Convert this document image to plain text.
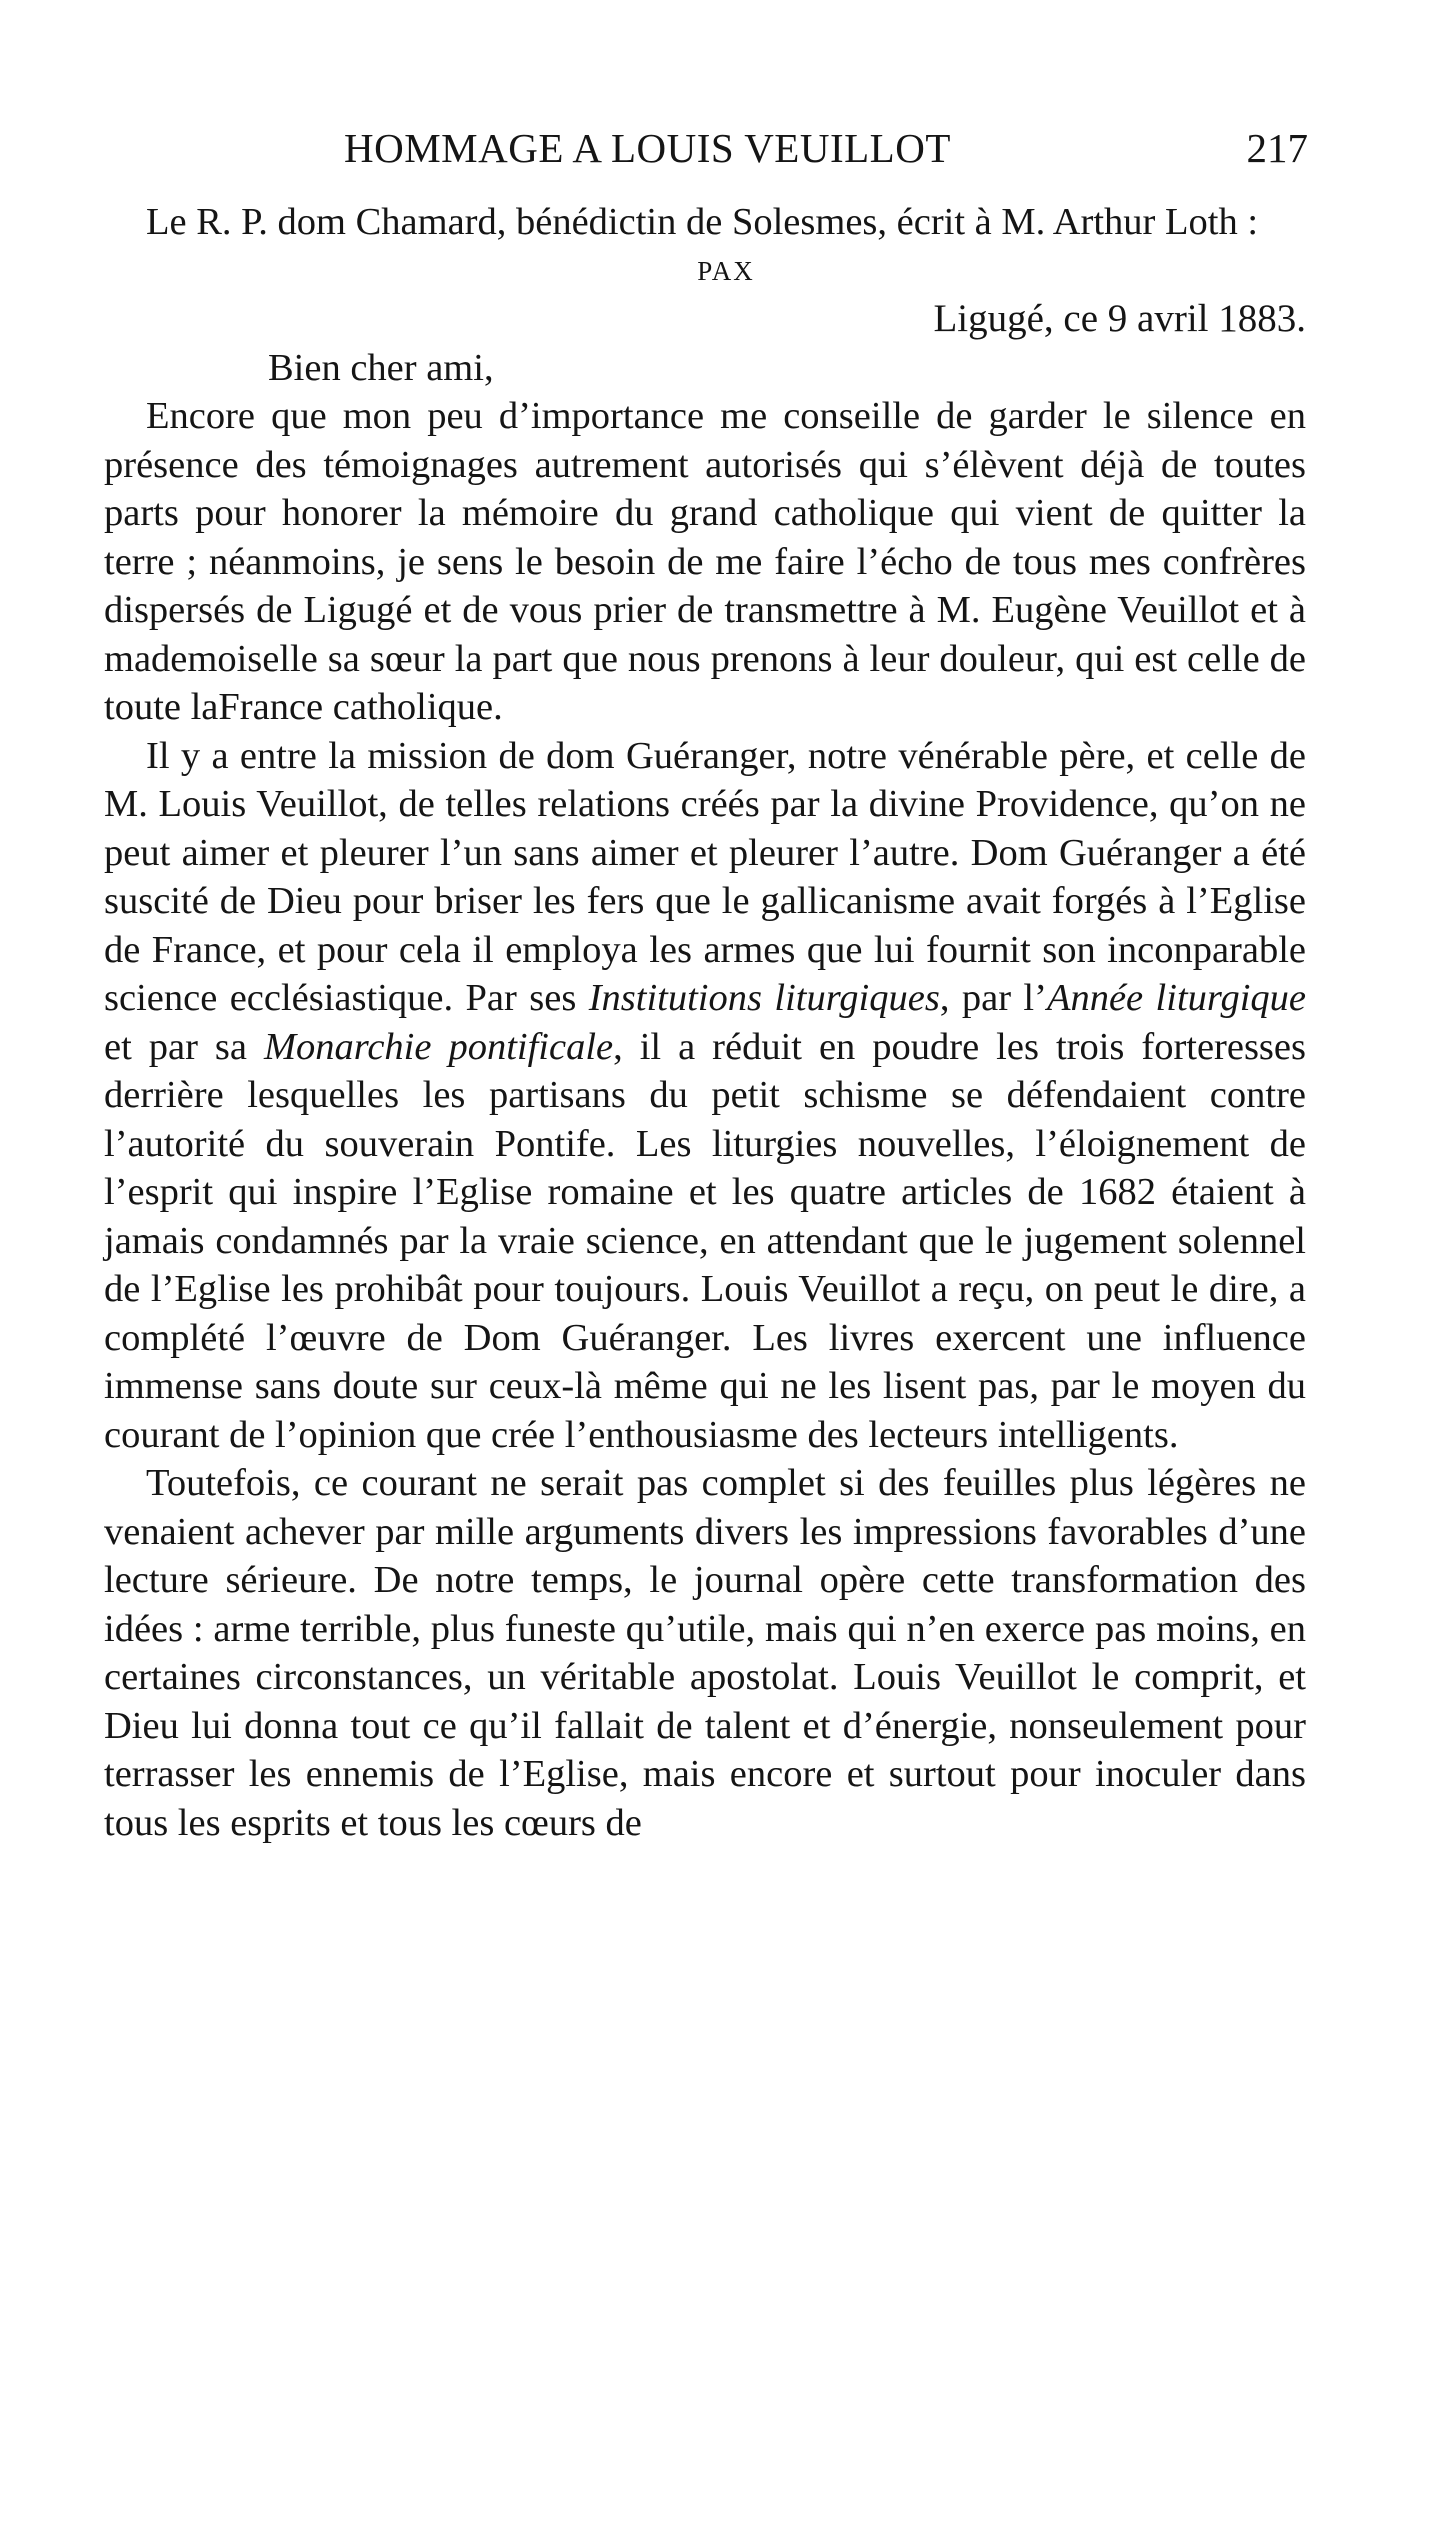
HOMMAGE A LOUIS VEUILLOT	217

Le R. P. dom Chamard, bénédictin de Solesmes, écrit à M. Arthur Loth :

PAX

Ligugé, ce 9 avril 1883.

Bien cher ami,

Encore que mon peu d’importance me conseille de garder le silence en présence des témoignages autrement autorisés qui s’élèvent déjà de toutes parts pour honorer la mémoire du grand catholique qui vient de quitter la terre ; néanmoins, je sens le besoin de me faire l’écho de tous mes confrères dispersés de Ligugé et de vous prier de transmettre à M. Eugène Veuillot et à mademoiselle sa sœur la part que nous prenons à leur douleur, qui est celle de toute laFrance catholique.

Il y a entre la mission de dom Guéranger, notre vénérable père, et celle de M. Louis Veuillot, de telles relations créés par la divine Providence, qu’on ne peut aimer et pleurer l’un sans aimer et pleurer l’autre. Dom Guéranger a été suscité de Dieu pour briser les fers que le gallicanisme avait forgés à l’Eglise de France, et pour cela il employa les armes que lui fournit son inconparable science ecclésiastique. Par ses Institutions liturgiques, par l’Année liturgique et par sa Monarchie pontificale, il a réduit en poudre les trois forteresses derrière lesquelles les partisans du petit schisme se défendaient contre l’autorité du souverain Pontife. Les liturgies nouvelles, l’éloignement de l’esprit qui inspire l’Eglise romaine et les quatre articles de 1682 étaient à jamais condamnés par la vraie science, en attendant que le jugement solennel de l’Eglise les prohibât pour toujours. Louis Veuillot a reçu, on peut le dire, a complété l’œuvre de Dom Guéranger. Les livres exercent une influence immense sans doute sur ceux-là même qui ne les lisent pas, par le moyen du courant de l’opinion que crée l’enthousiasme des lecteurs intelligents.

Toutefois, ce courant ne serait pas complet si des feuilles plus légères ne venaient achever par mille arguments divers les impressions favorables d’une lecture sérieure. De notre temps, le journal opère cette transformation des idées : arme terrible, plus funeste qu’utile, mais qui n’en exerce pas moins, en certaines circonstances, un véritable apostolat. Louis Veuillot le comprit, et Dieu lui donna tout ce qu’il fallait de talent et d’énergie, nonseulement pour terrasser les ennemis de l’Eglise, mais encore et surtout pour inoculer dans tous les esprits et tous les cœurs de
